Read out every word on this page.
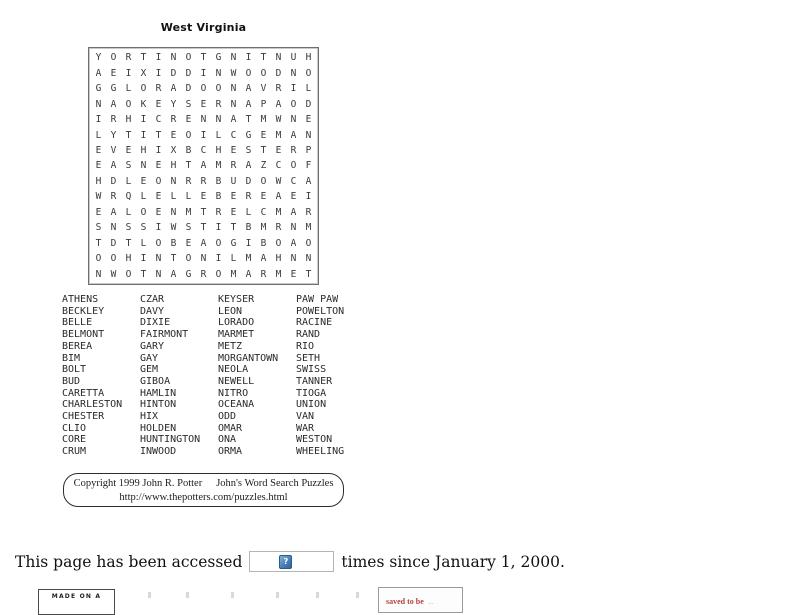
West Virginia
Y O R T I N O T G N I T N U H
A E I X I D D I N W O O D N O
G G L O R A D O O N A V R I L
N A O K E Y S E R N A P A O D
I R H I C R E N N A T M W N E
L Y T I T E O I L C G E M A N
E V E H I X B C H E S T E R P
E A S N E H T A M R A Z C O F
H D L E O N R R B U D O W C A
W R Q L E L L E B E R E A E I
E A L O E N M T R E L C M A R
S N S S I W S T I T B M R N M
T D T L O B E A O G I B O A O
O O H I N T O N I L M A H N N
N W O T N A G R O M A R M E T
ATHENS
BECKLEY
BELLE
BELMONT
BEREA
BIM
BOLT
BUD
CARETTA
CHARLESTON
CHESTER
CLIO
CORE
CRUM
CZAR
DAVY
DIXIE
FAIRMONT
GARY
GAY
GEM
GIBOA
HAMLIN
HINTON
HIX
HOLDEN
HUNTINGTON
INWOOD
KEYSER
LEON
LORADO
MARMET
METZ
MORGANTOWN
NEOLA
NEWELL
NITRO
OCEANA
ODD
OMAR
ONA
ORMA
PAW PAW
POWELTON
RACINE
RAND
RIO
SETH
SWISS
TANNER
TIOGA
UNION
VAN
WAR
WESTON
WHEELING
Copyright 1999 John R. Potter John's Word Search Puzzles
http://www.thepotters.com/puzzles.html
This page has been accessed	?	times since January 1, 2000.
MADE ON A
saved to be ...
